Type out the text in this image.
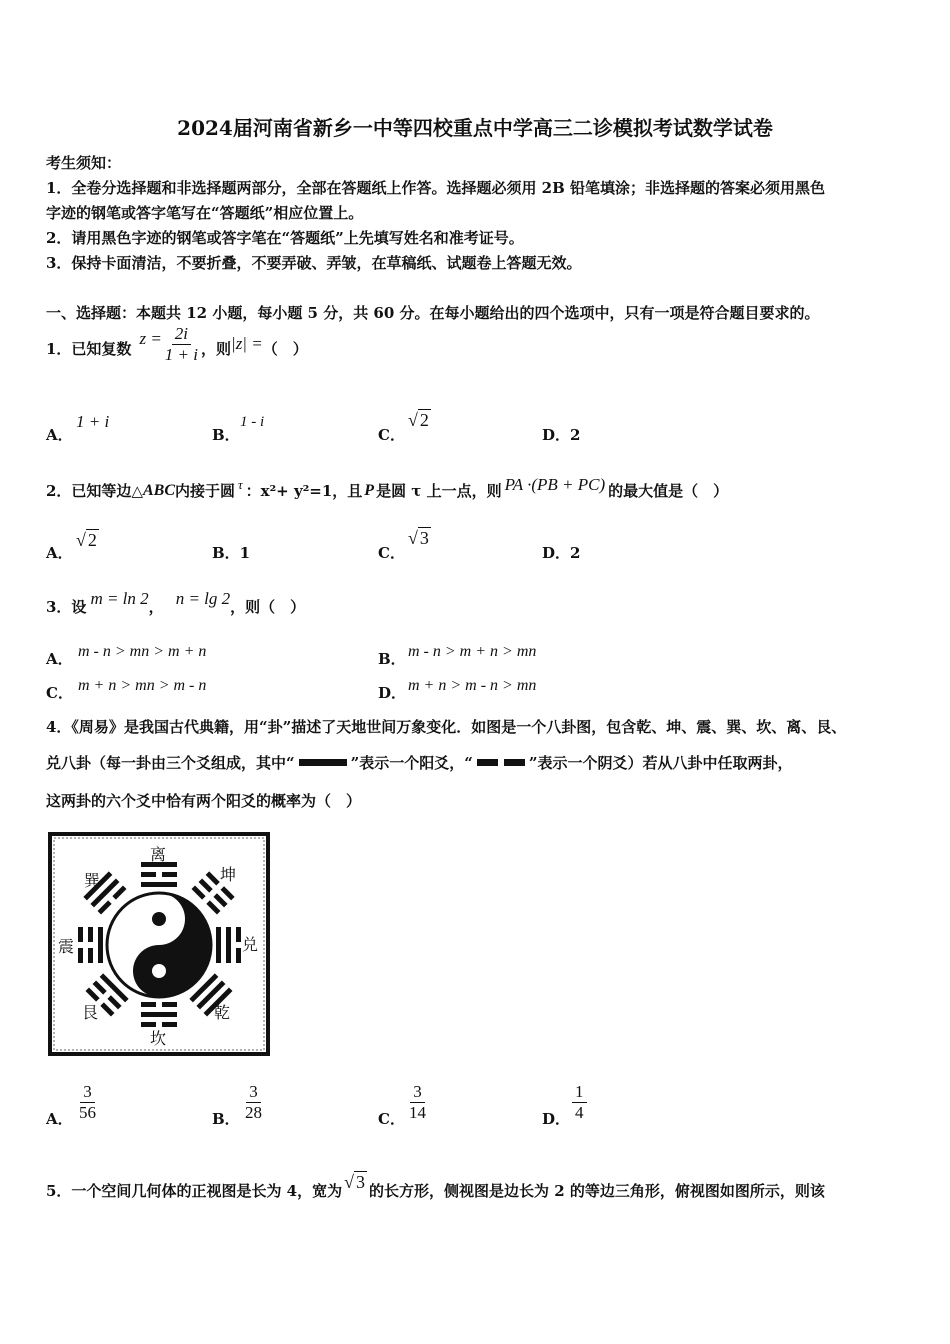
2024届河南省新乡一中等四校重点中学高三二诊模拟考试数学试卷
考生须知：
1．全卷分选择题和非选择题两部分，全部在答题纸上作答。选择题必须用 2B 铅笔填涂；非选择题的答案必须用黑色
字迹的钢笔或答字笔写在“答题纸”相应位置上。
2．请用黑色字迹的钢笔或答字笔在“答题纸”上先填写姓名和准考证号。
3．保持卡面清洁，不要折叠，不要弄破、弄皱，在草稿纸、试题卷上答题无效。
一、选择题：本题共 12 小题，每小题 5 分，共 60 分。在每小题给出的四个选项中，只有一项是符合题目要求的。
1．已知复数
$z = \frac{2i}{1 + i}$ ，则 |z| = （　）
A．
1 + i
B．
1 - i
C．
√ 2
D．2
2．已知等边△ ABC 内接于圆 τ ：x²+ y²=1，且 P 是圆 τ 上一点，则 PA ·(PB + PC) 的最大值是（　）
A．
√ 2
B．1	C．
√ 3
D．2
3．设 m = ln 2 ， n = lg 2 ，则（　）
A． m - n > mn > m + n	B． m - n > m + n > mn
C． m + n > mn > m - n	D． m + n > m - n > mn
4．《周易》是我国古代典籍，用“卦”描述了天地世间万象变化．如图是一个八卦图，包含乾、坤、震、巽、坎、离、艮、
兑八卦（每一卦由三个爻组成，其中“	”表示一个阳爻，“	”表示一个阴爻）若从八卦中任取两卦，
这两卦的六个爻中恰有两个阳爻的概率为（　）
离
坤
兑
乾
坎
艮
震
巽
A． $\frac{3}{56}$	B． $\frac{3}{28}$	C． $\frac{3}{14}$	D． $\frac{1}{4}$
5．一个空间几何体的正视图是长为 4，宽为 √ 3 的长方形，侧视图是边长为 2 的等边三角形，俯视图如图所示，则该
